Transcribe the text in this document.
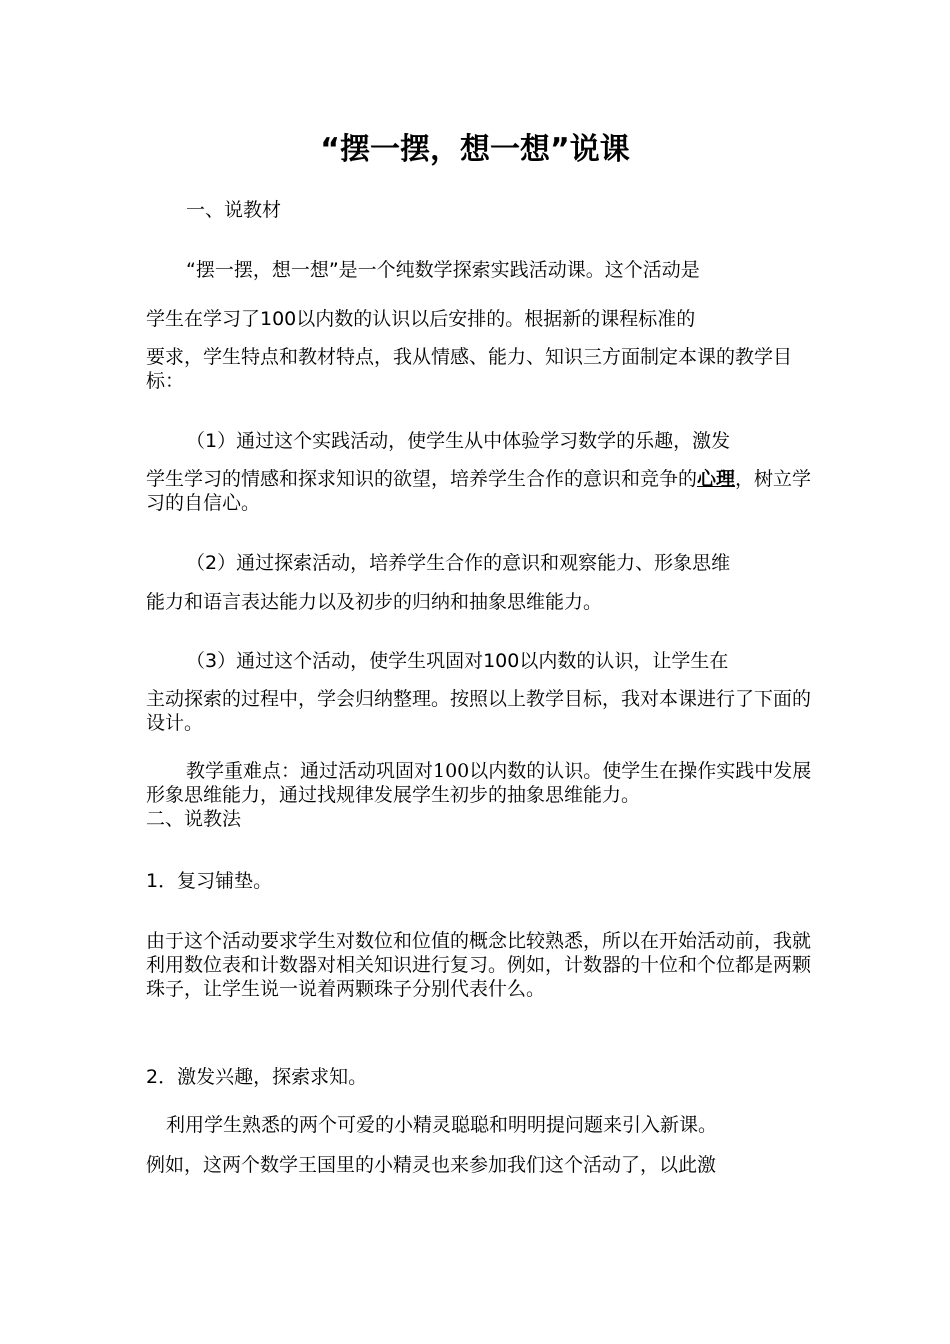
“摆一摆，想一想”说课

一、说教材

“摆一摆，想一想”是一个纯数学探索实践活动课。这个活动是

学生在学习了100以内数的认识以后安排的。根据新的课程标准的

要求，学生特点和教材特点，我从情感、能力、知识三方面制定本课的教学目标：

（1）通过这个实践活动，使学生从中体验学习数学的乐趣，激发

学生学习的情感和探求知识的欲望，培养学生合作的意识和竞争的心理，树立学习的自信心。

（2）通过探索活动，培养学生合作的意识和观察能力、形象思维

能力和语言表达能力以及初步的归纳和抽象思维能力。

（3）通过这个活动，使学生巩固对100以内数的认识，让学生在

主动探索的过程中，学会归纳整理。按照以上教学目标，我对本课进行了下面的设计。

教学重难点：通过活动巩固对100以内数的认识。使学生在操作实践中发展形象思维能力，通过找规律发展学生初步的抽象思维能力。

二、说教法

1．复习铺垫。

由于这个活动要求学生对数位和位值的概念比较熟悉，所以在开始活动前，我就利用数位表和计数器对相关知识进行复习。例如，计数器的十位和个位都是两颗珠子，让学生说一说着两颗珠子分别代表什么。

2．激发兴趣，探索求知。

利用学生熟悉的两个可爱的小精灵聪聪和明明提问题来引入新课。

例如，这两个数学王国里的小精灵也来参加我们这个活动了，以此激
